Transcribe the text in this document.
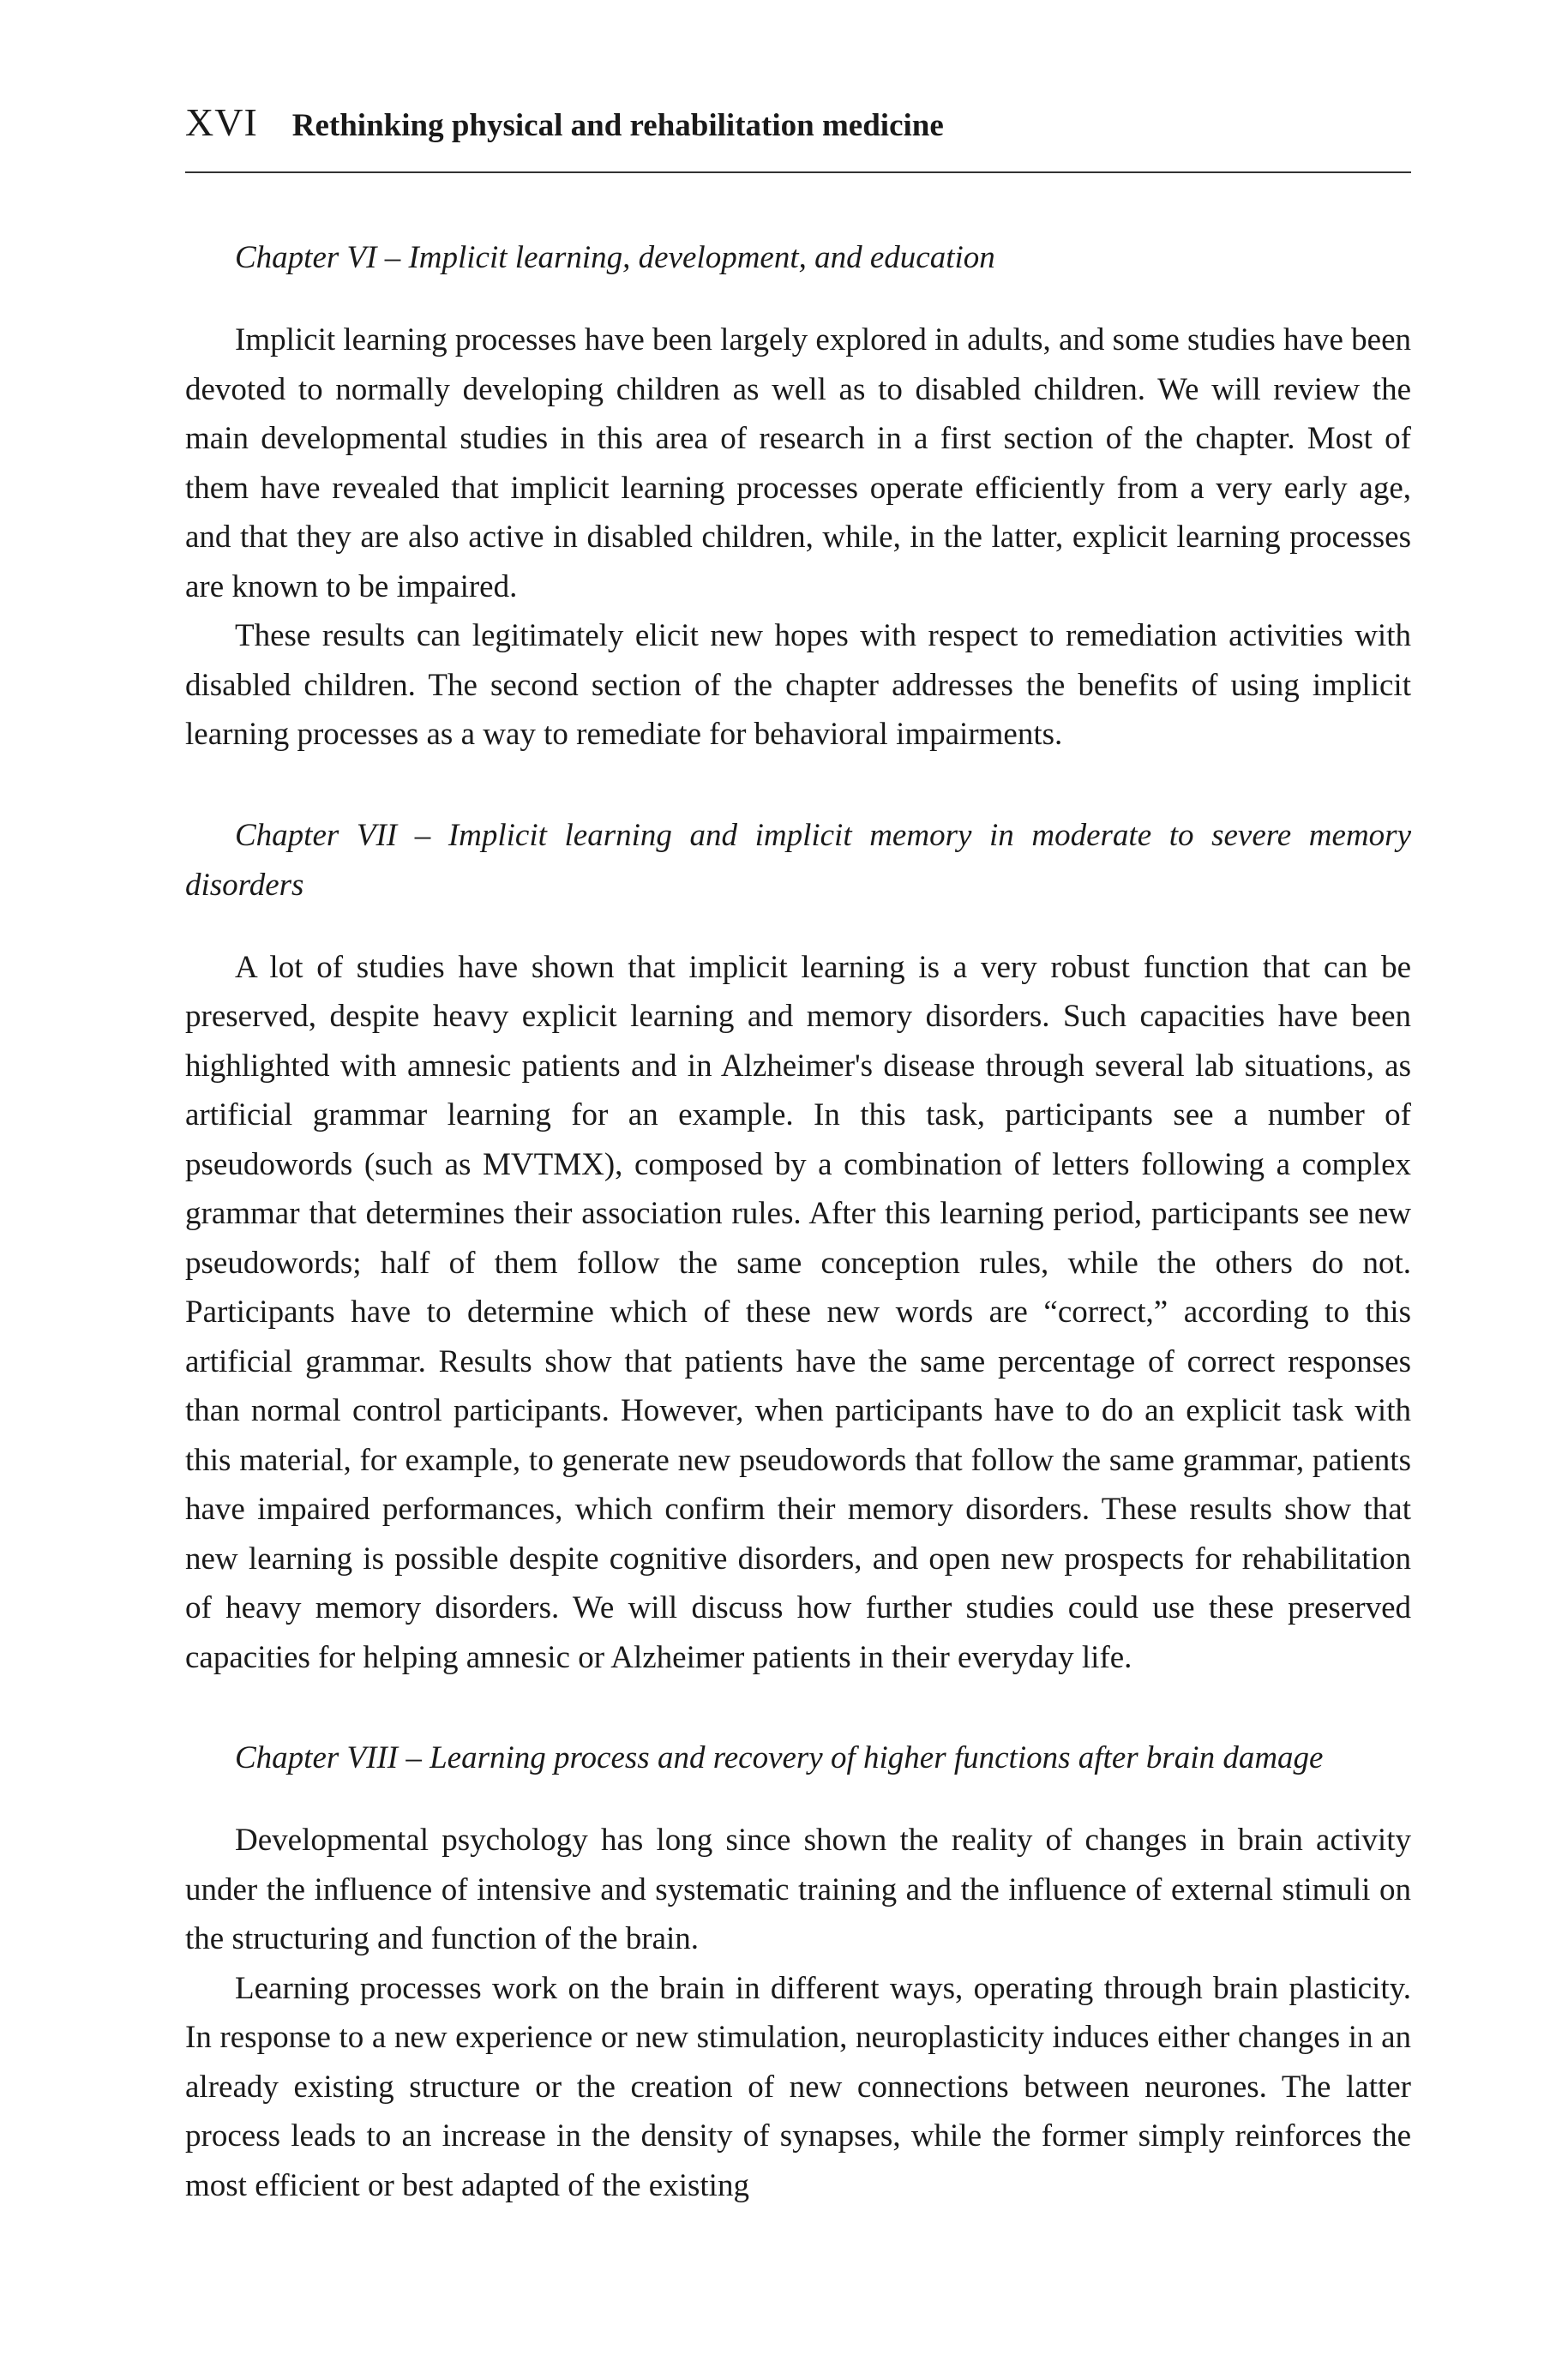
XVI Rethinking physical and rehabilitation medicine

Chapter VI – Implicit learning, development, and education

Implicit learning processes have been largely explored in adults, and some studies have been devoted to normally developing children as well as to disabled children. We will review the main developmental studies in this area of research in a first section of the chapter. Most of them have revealed that implicit learning processes operate efficiently from a very early age, and that they are also active in disabled children, while, in the latter, explicit learning processes are known to be impaired.

These results can legitimately elicit new hopes with respect to remediation activities with disabled children. The second section of the chapter addresses the benefits of using implicit learning processes as a way to remediate for behavioral impairments.

Chapter VII – Implicit learning and implicit memory in moderate to severe memory disorders

A lot of studies have shown that implicit learning is a very robust function that can be preserved, despite heavy explicit learning and memory disorders. Such capacities have been highlighted with amnesic patients and in Alzheimer's disease through several lab situations, as artificial grammar learning for an example. In this task, participants see a number of pseudowords (such as MVTMX), composed by a combination of letters following a complex grammar that determines their association rules. After this learning period, participants see new pseudowords; half of them follow the same conception rules, while the others do not. Participants have to determine which of these new words are “correct,” according to this artificial grammar. Results show that patients have the same percentage of correct responses than normal control participants. However, when participants have to do an explicit task with this material, for example, to generate new pseudowords that follow the same grammar, patients have impaired performances, which confirm their memory disorders. These results show that new learning is possible despite cognitive disorders, and open new prospects for rehabilitation of heavy memory disorders. We will discuss how further studies could use these preserved capacities for helping amnesic or Alzheimer patients in their everyday life.

Chapter VIII – Learning process and recovery of higher functions after brain damage

Developmental psychology has long since shown the reality of changes in brain activity under the influence of intensive and systematic training and the influence of external stimuli on the structuring and function of the brain.

Learning processes work on the brain in different ways, operating through brain plasticity. In response to a new experience or new stimulation, neuroplasticity induces either changes in an already existing structure or the creation of new connections between neurones. The latter process leads to an increase in the density of synapses, while the former simply reinforces the most efficient or best adapted of the existing
